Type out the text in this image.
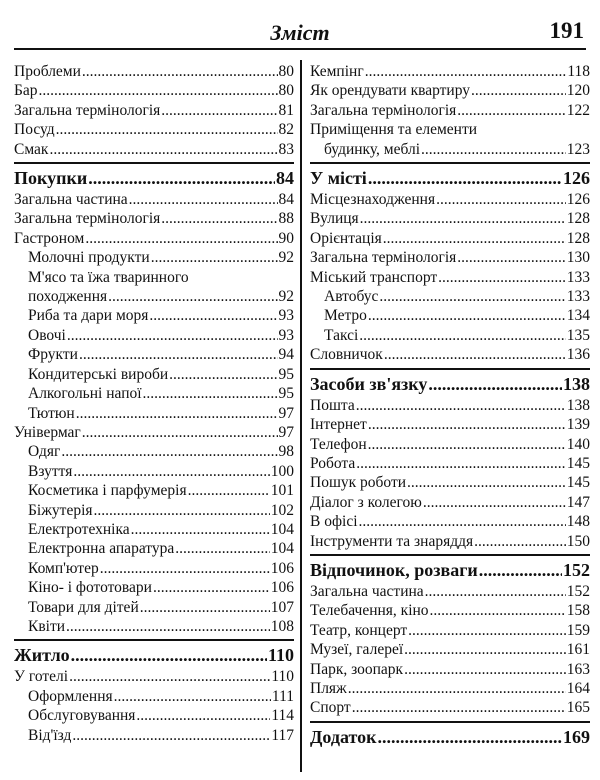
Зміст	191
Проблеми .....	80
Бар .....	80
Загальна термінологія .....	81
Посуд .....	82
Смак .....	83
Покупки .....	84
Загальна частина .....	84
Загальна термінологія .....	88
Гастроном .....	90
Молочні продукти .....	92
М'ясо та їжа тваринного
походження .....	92
Риба та дари моря .....	93
Овочі .....	93
Фрукти .....	94
Кондитерські вироби .....	95
Алкогольні напої .....	95
Тютюн .....	97
Універмаг .....	97
Одяг .....	98
Взуття .....	100
Косметика і парфумерія .....	101
Біжутерія .....	102
Електротехніка .....	104
Електронна апаратура .....	104
Комп'ютер .....	106
Кіно- і фототовари .....	106
Товари для дітей .....	107
Квіти .....	108
Житло .....	110
У готелі .....	110
Оформлення .....	111
Обслуговування .....	114
Від'їзд .....	117
Кемпінг .....	118
Як орендувати квартиру .....	120
Загальна термінологія .....	122
Приміщення та елементи
будинку, меблі .....	123
У місті .....	126
Місцезнаходження .....	126
Вулиця .....	128
Орієнтація .....	128
Загальна термінологія .....	130
Міський транспорт .....	133
Автобус .....	133
Метро .....	134
Таксі .....	135
Словничок .....	136
Засоби зв'язку .....	138
Пошта .....	138
Інтернет .....	139
Телефон .....	140
Робота .....	145
Пошук роботи .....	145
Діалог з колегою .....	147
В офісі .....	148
Інструменти та знаряддя .....	150
Відпочинок, розваги .....	152
Загальна частина .....	152
Телебачення, кіно .....	158
Театр, концерт .....	159
Музеї, галереї .....	161
Парк, зоопарк .....	163
Пляж .....	164
Спорт .....	165
Додаток .....	169
